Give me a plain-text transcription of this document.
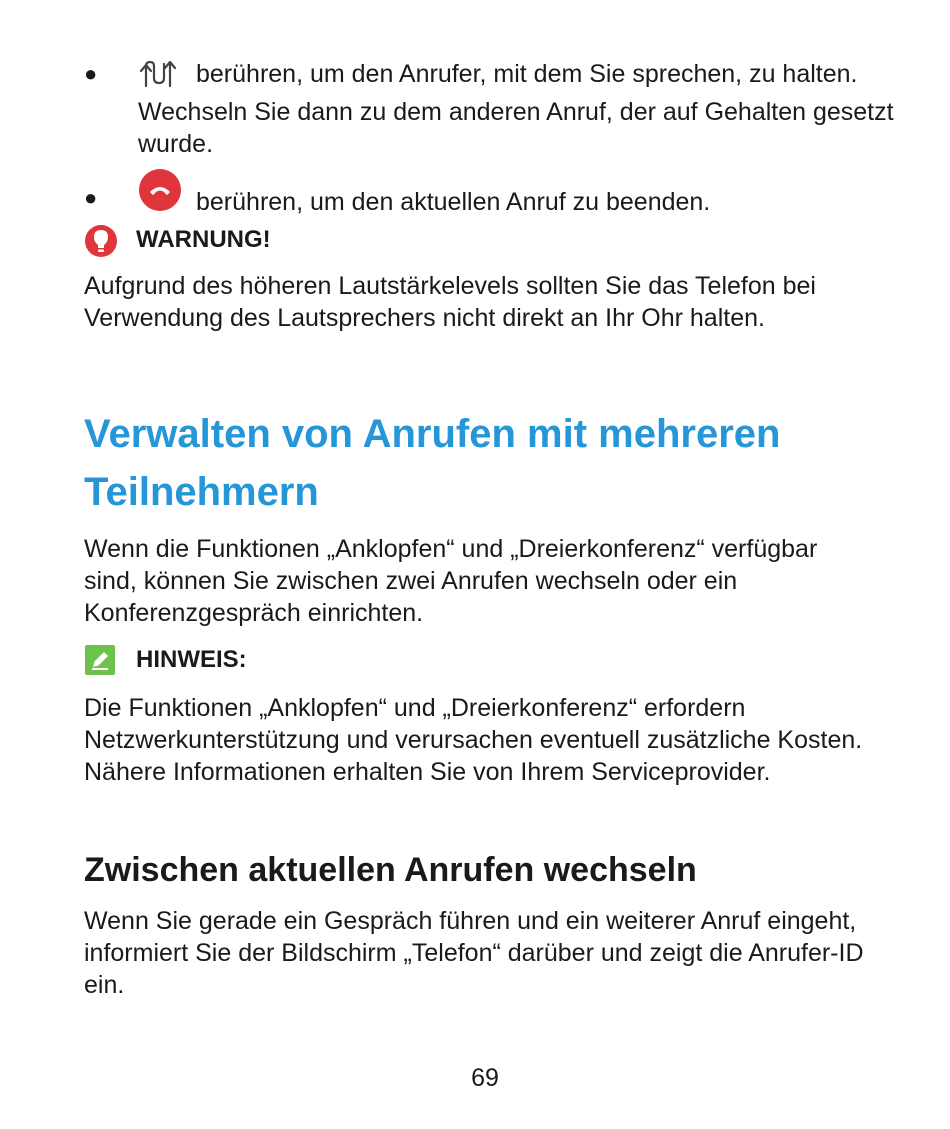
●	berühren, um den Anrufer, mit dem Sie sprechen, zu halten. Wechseln Sie dann zu dem anderen Anruf, der auf Gehalten gesetzt wurde.
●	berühren, um den aktuellen Anruf zu beenden.
WARNUNG!
Aufgrund des höheren Lautstärkelevels sollten Sie das Telefon bei Verwendung des Lautsprechers nicht direkt an Ihr Ohr halten.
Verwalten von Anrufen mit mehreren Teilnehmern
Wenn die Funktionen „Anklopfen“ und „Dreierkonferenz“ verfügbar sind, können Sie zwischen zwei Anrufen wechseln oder ein Konferenzgespräch einrichten.
HINWEIS:
Die Funktionen „Anklopfen“ und „Dreierkonferenz“ erfordern Netzwerkunterstützung und verursachen eventuell zusätzliche Kosten. Nähere Informationen erhalten Sie von Ihrem Serviceprovider.
Zwischen aktuellen Anrufen wechseln
Wenn Sie gerade ein Gespräch führen und ein weiterer Anruf eingeht, informiert Sie der Bildschirm „Telefon“ darüber und zeigt die Anrufer-ID ein.
69
